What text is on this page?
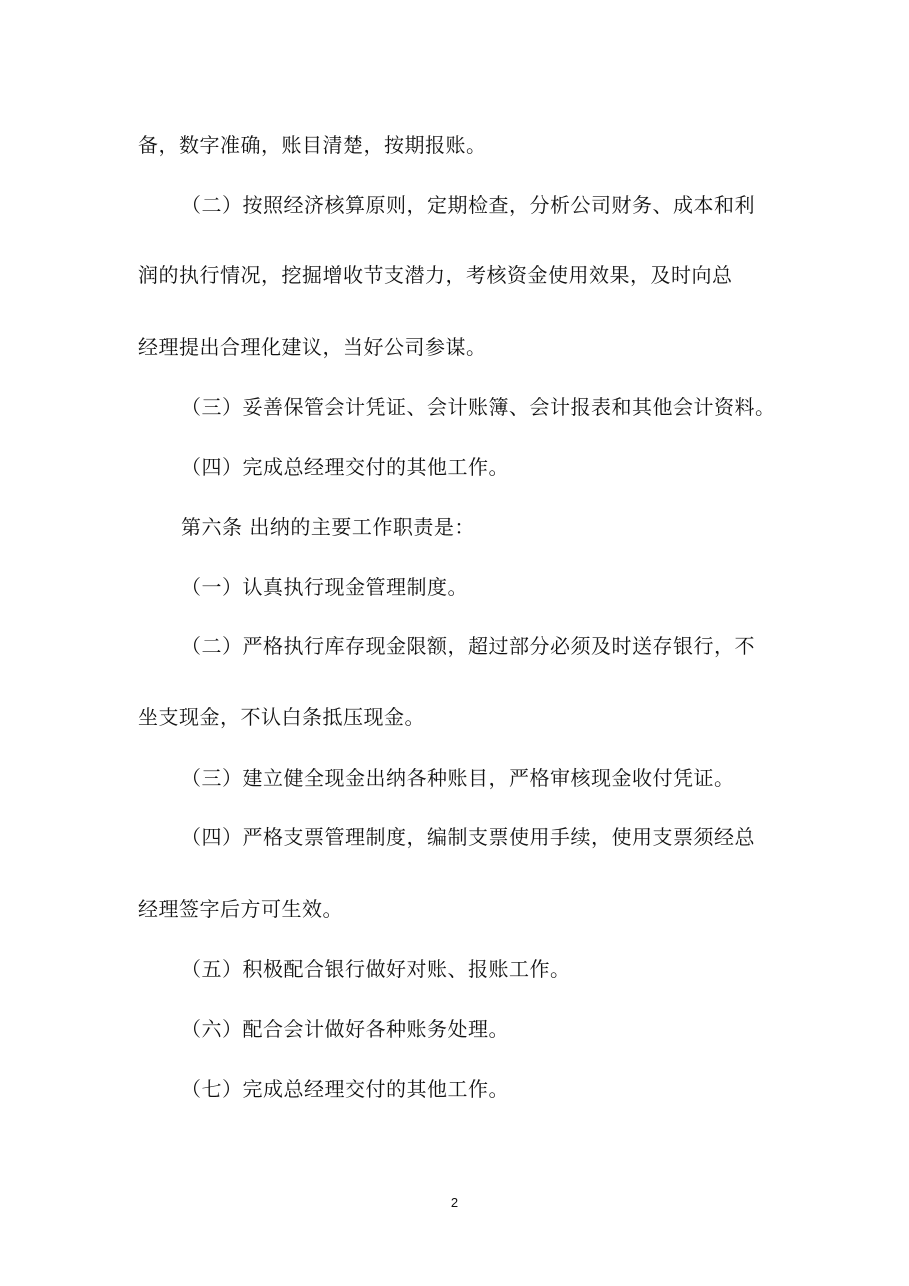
备，数字准确，账目清楚，按期报账。
（二）按照经济核算原则，定期检查，分析公司财务、成本和利
润的执行情况，挖掘增收节支潜力，考核资金使用效果，及时向总
经理提出合理化建议，当好公司参谋。
（三）妥善保管会计凭证、会计账簿、会计报表和其他会计资料。
（四）完成总经理交付的其他工作。
第六条 出纳的主要工作职责是：
（一）认真执行现金管理制度。
（二）严格执行库存现金限额，超过部分必须及时送存银行，不
坐支现金，不认白条抵压现金。
（三）建立健全现金出纳各种账目，严格审核现金收付凭证。
（四）严格支票管理制度，编制支票使用手续，使用支票须经总
经理签字后方可生效。
（五）积极配合银行做好对账、报账工作。
（六）配合会计做好各种账务处理。
（七）完成总经理交付的其他工作。
2
